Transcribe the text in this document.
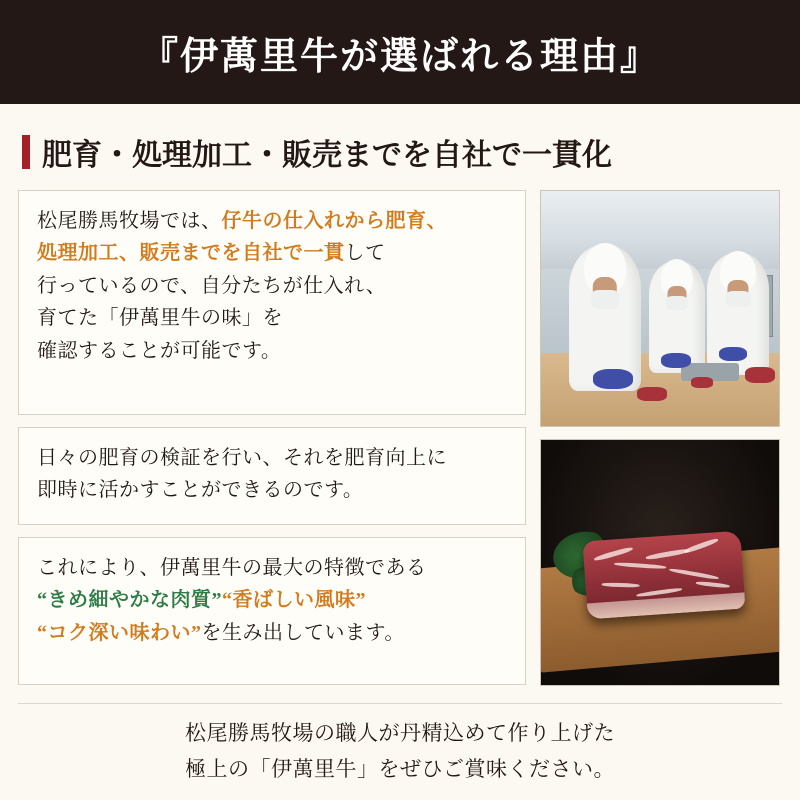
『伊萬里牛が選ばれる理由』
肥育・処理加工・販売までを自社で一貫化

松尾勝馬牧場では、仔牛の仕入れから肥育、

処理加工、販売までを自社で一貫して

行っているので、自分たちが仕入れ、

育てた「伊萬里牛の味」を

確認することが可能です。

日々の肥育の検証を行い、それを肥育向上に

即時に活かすことができるのです。

これにより、伊萬里牛の最大の特徴である

“きめ細やかな肉質”“香ばしい風味”

“コク深い味わい”を生み出しています。

松尾勝馬牧場の職人が丹精込めて作り上げた

極上の「伊萬里牛」をぜひご賞味ください。
